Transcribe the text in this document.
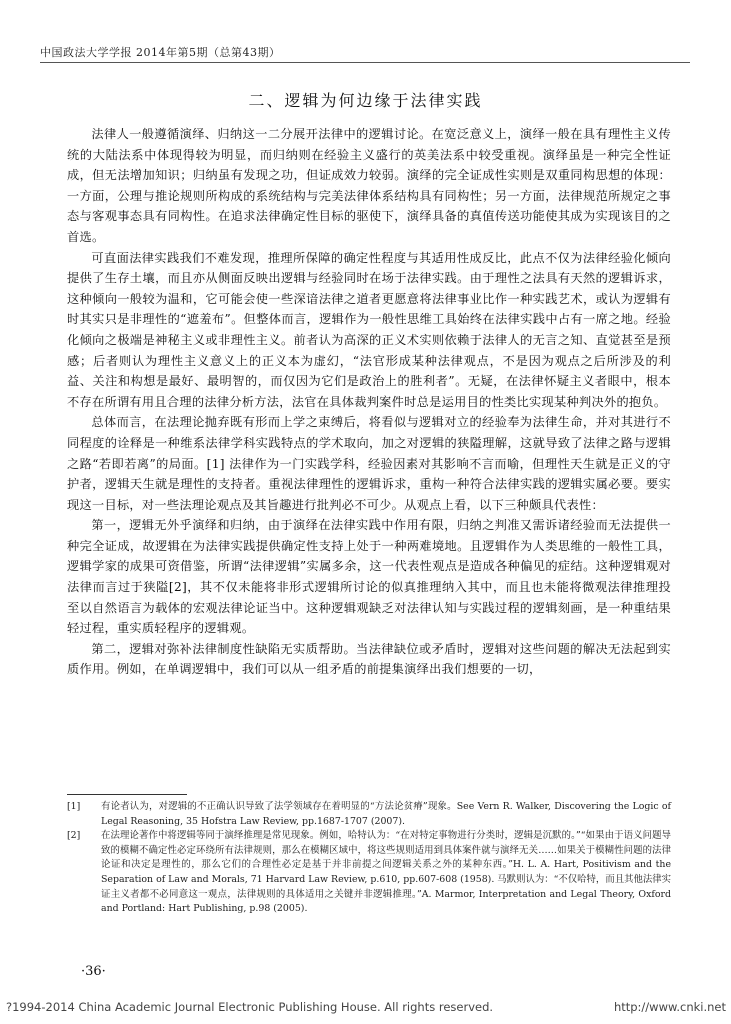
中国政法大学学报 2014年第5期（总第43期）
二、逻辑为何边缘于法律实践

法律人一般遵循演绎、归纳这一二分展开法律中的逻辑讨论。在宽泛意义上，演绎一般在具有理性主义传统的大陆法系中体现得较为明显，而归纳则在经验主义盛行的英美法系中较受重视。演绎虽是一种完全性证成，但无法增加知识；归纳虽有发现之功，但证成效力较弱。演绎的完全证成性实则是双重同构思想的体现：一方面，公理与推论规则所构成的系统结构与完美法律体系结构具有同构性；另一方面，法律规范所规定之事态与客观事态具有同构性。在追求法律确定性目标的驱使下，演绎具备的真值传送功能使其成为实现该目的之首选。

可直面法律实践我们不难发现，推理所保障的确定性程度与其适用性成反比，此点不仅为法律经验化倾向提供了生存土壤，而且亦从侧面反映出逻辑与经验同时在场于法律实践。由于理性之法具有天然的逻辑诉求，这种倾向一般较为温和，它可能会使一些深谙法律之道者更愿意将法律事业比作一种实践艺术，或认为逻辑有时其实只是非理性的“遮羞布”。但整体而言，逻辑作为一般性思维工具始终在法律实践中占有一席之地。经验化倾向之极端是神秘主义或非理性主义。前者认为高深的正义术实则依赖于法律人的无言之知、直觉甚至是预感；后者则认为理性主义意义上的正义本为虚幻，“法官形成某种法律观点，不是因为观点之后所涉及的利益、关注和构想是最好、最明智的，而仅因为它们是政治上的胜利者”。无疑，在法律怀疑主义者眼中，根本不存在所谓有用且合理的法律分析方法，法官在具体裁判案件时总是运用目的性类比实现某种判决外的抱负。

总体而言，在法理论抛弃既有形而上学之束缚后，将看似与逻辑对立的经验奉为法律生命，并对其进行不同程度的诠释是一种维系法律学科实践特点的学术取向，加之对逻辑的狭隘理解，这就导致了法律之路与逻辑之路“若即若离”的局面。[1] 法律作为一门实践学科，经验因素对其影响不言而喻，但理性天生就是正义的守护者，逻辑天生就是理性的支持者。重视法律理性的逻辑诉求，重构一种符合法律实践的逻辑实属必要。要实现这一目标，对一些法理论观点及其旨趣进行批判必不可少。从观点上看，以下三种颇具代表性：

第一，逻辑无外乎演绎和归纳，由于演绎在法律实践中作用有限，归纳之判准又需诉诸经验而无法提供一种完全证成，故逻辑在为法律实践提供确定性支持上处于一种两难境地。且逻辑作为人类思维的一般性工具，逻辑学家的成果可资借鉴，所谓“法律逻辑”实属多余，这一代表性观点是造成各种偏见的症结。这种逻辑观对法律而言过于狭隘[2]，其不仅未能将非形式逻辑所讨论的似真推理纳入其中，而且也未能将微观法律推理投至以自然语言为载体的宏观法律论证当中。这种逻辑观缺乏对法律认知与实践过程的逻辑刻画，是一种重结果轻过程，重实质轻程序的逻辑观。

第二，逻辑对弥补法律制度性缺陷无实质帮助。当法律缺位或矛盾时，逻辑对这些问题的解决无法起到实质作用。例如，在单调逻辑中，我们可以从一组矛盾的前提集演绎出我们想要的一切，

[1]	有论者认为，对逻辑的不正确认识导致了法学领域存在着明显的“方法论贫瘠”现象。See Vern R. Walker, Discovering the Logic of Legal Reasoning, 35 Hofstra Law Review, pp.1687-1707 (2007).
[2]	在法理论著作中将逻辑等同于演绎推理是常见现象。例如，哈特认为：“在对特定事物进行分类时，逻辑是沉默的。”“如果由于语义问题导致的模糊不确定性必定环绕所有法律规则，那么在模糊区域中，将这些规则适用到具体案件就与演绎无关……如果关于模糊性问题的法律论证和决定是理性的，那么它们的合理性必定是基于并非前提之间逻辑关系之外的某种东西。”H. L. A. Hart, Positivism and the Separation of Law and Morals, 71 Harvard Law Review, p.610, pp.607-608 (1958). 马默则认为：“不仅哈特，而且其他法律实证主义者都不必同意这一观点，法律规则的具体适用之关键并非逻辑推理。”A. Marmor, Interpretation and Legal Theory, Oxford and Portland: Hart Publishing, p.98 (2005).
·36·
?1994-2014 China Academic Journal Electronic Publishing House. All rights reserved.	http://www.cnki.net
